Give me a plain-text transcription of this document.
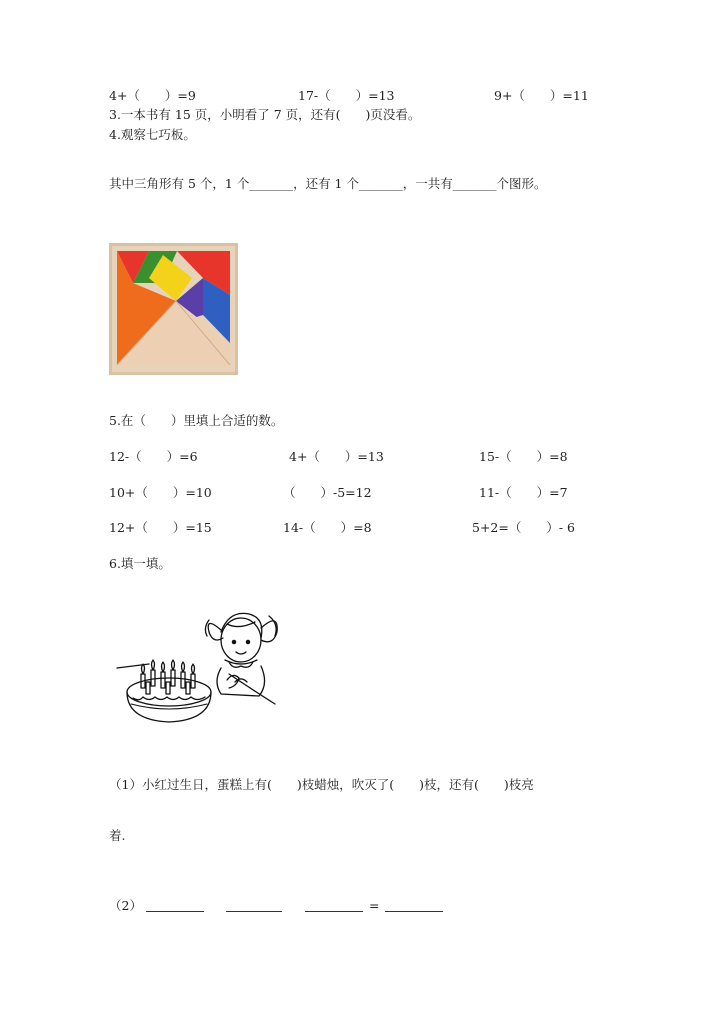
4+（　　）=9	17-（　　）=13	9+（　　）=11
3.一本书有 15 页，小明看了 7 页，还有(　　)页没看。
4.观察七巧板。
其中三角形有 5 个，1 个_______，还有 1 个_______，一共有_______个图形。
5.在（　　）里填上合适的数。
12-（　　）=6	4+（　　）=13	15-（　　）=8
10+（　　）=10	（　　）-5=12	11-（　　）=7
12+（　　）=15	14-（　　）=8	5+2=（　　）- 6
6.填一填。
（1）小红过生日，蛋糕上有(　　)枝蜡烛，吹灭了(　　)枝，还有(　　)枝亮
着.
（2）	=
